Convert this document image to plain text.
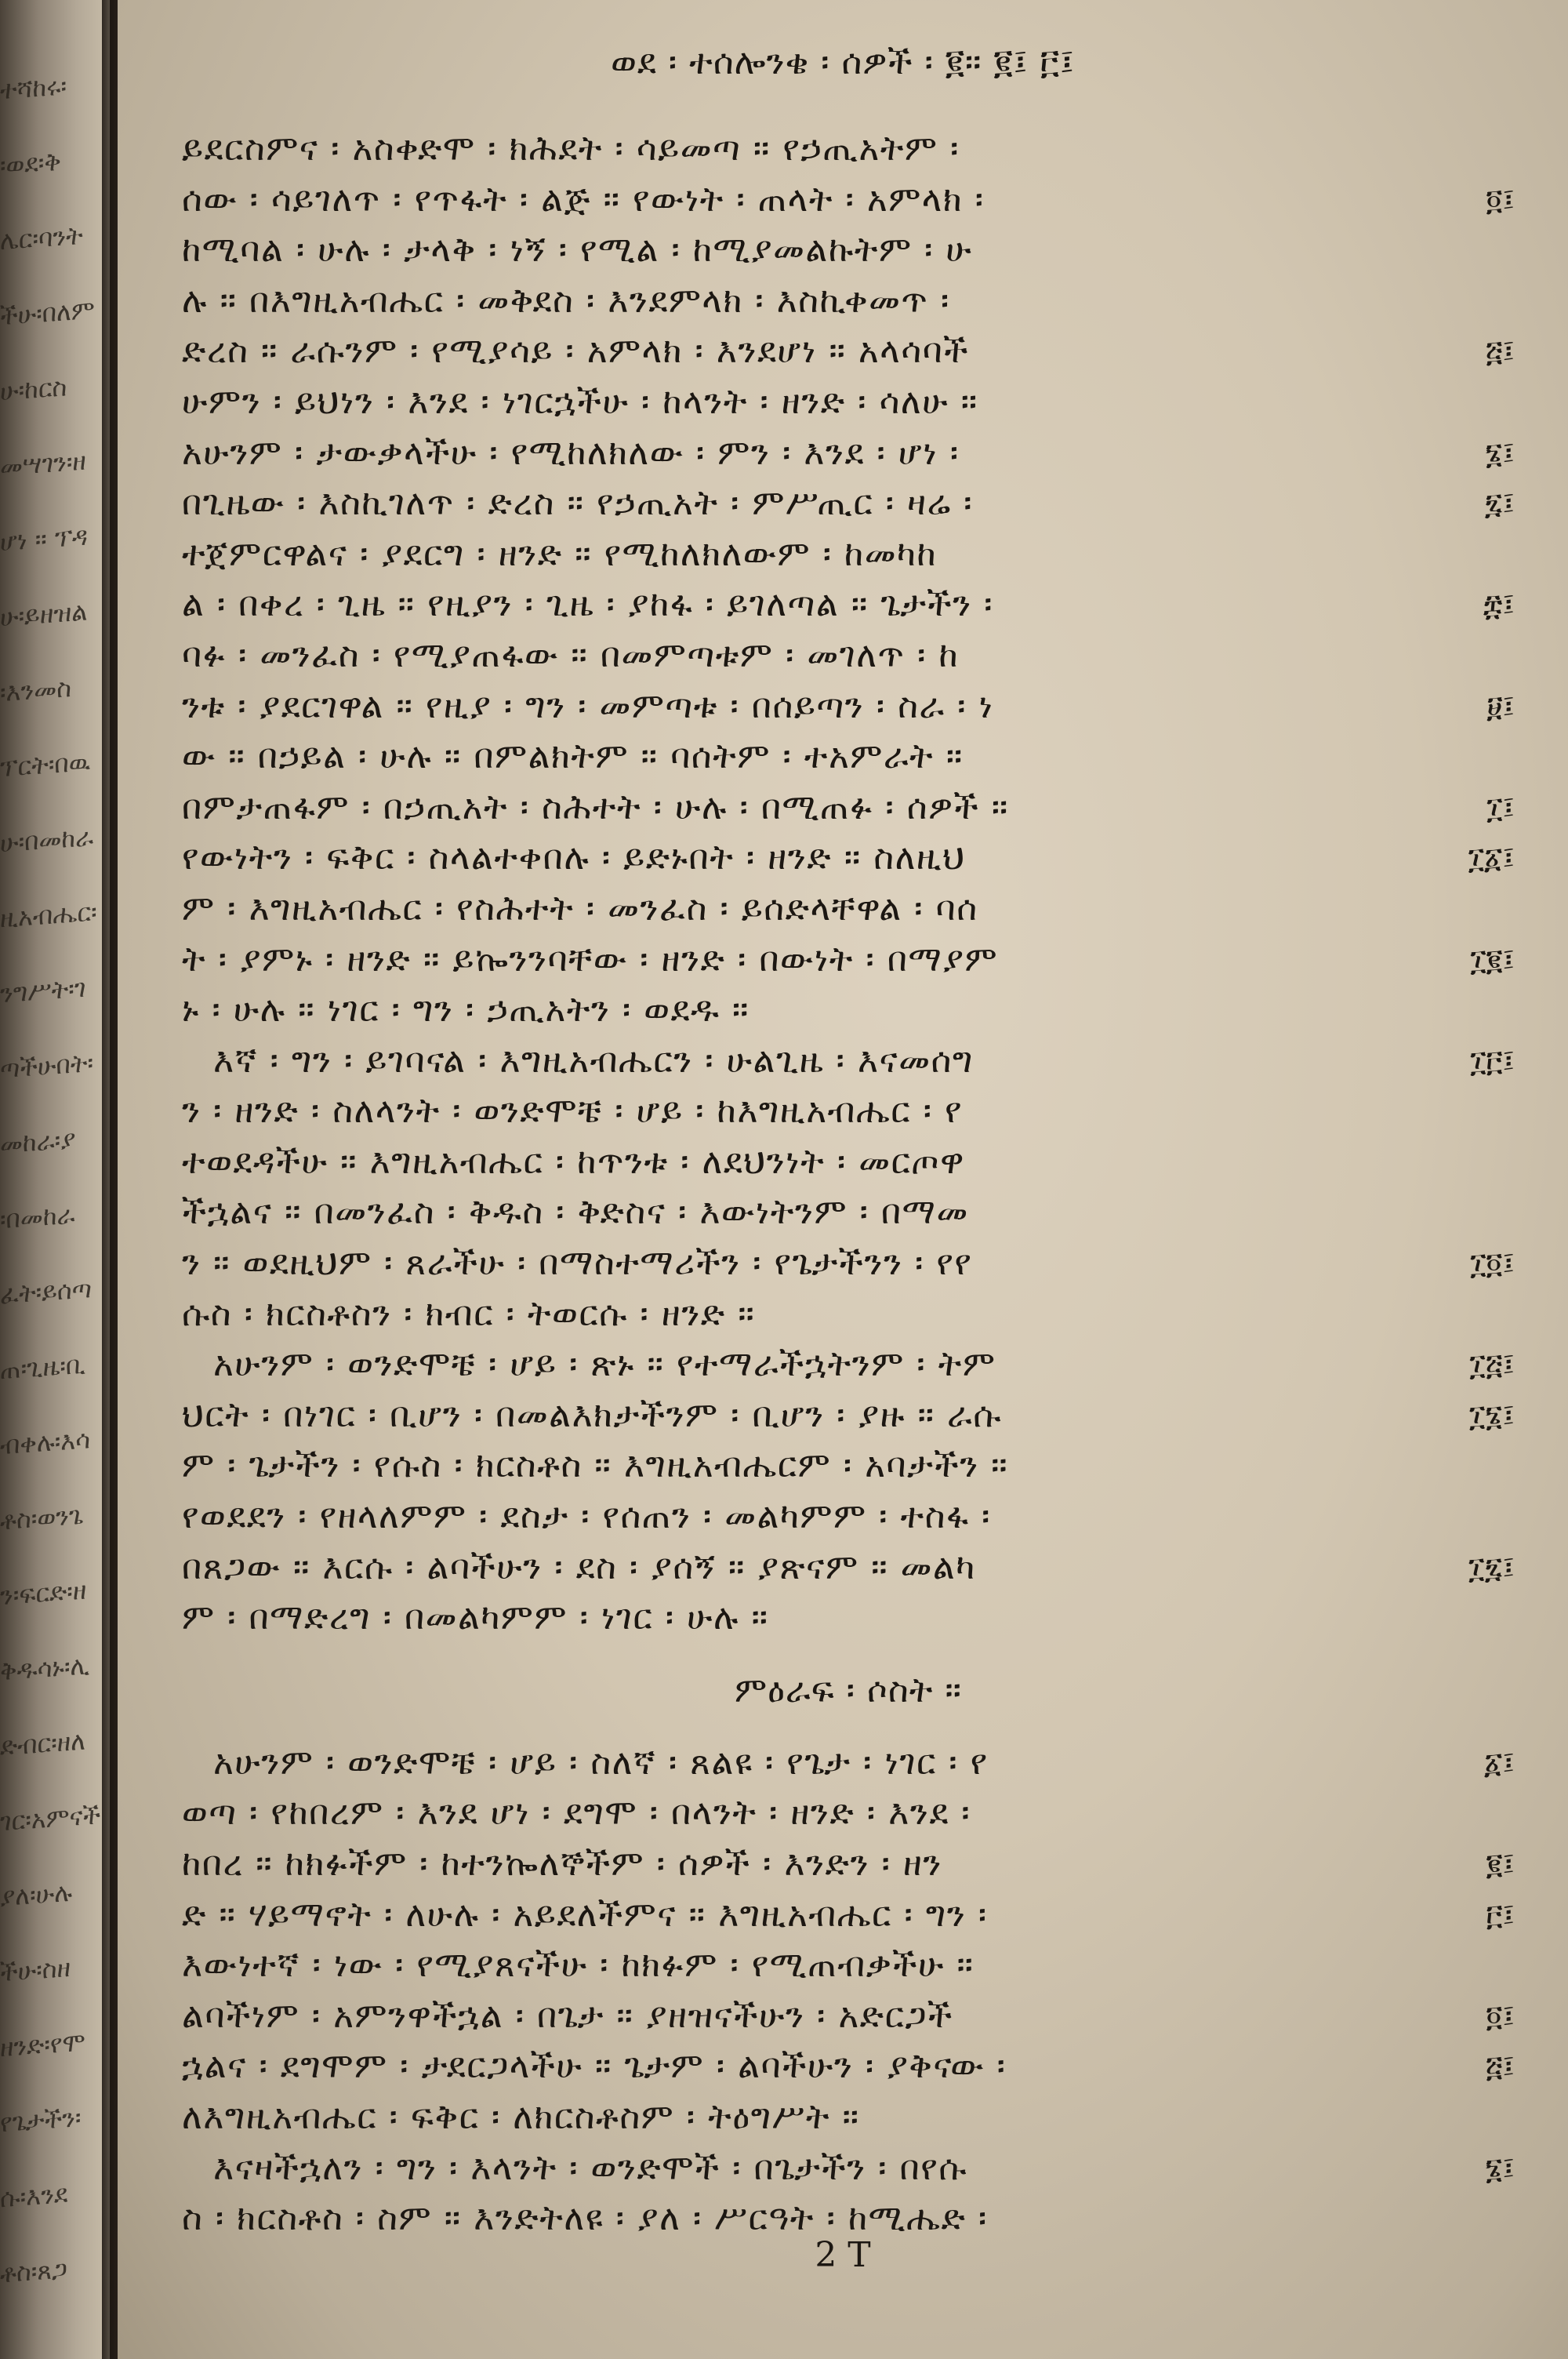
ተሻከሩ፡
፡ወደ፡ቅ
ሌር፡ባንት
ችሁ፡በለም
ሁ፡ከርስ
መሣገን፡ዘ
ሆነ ። ፕዳ
ሁ፡ይዘዝል
፡እንመስ
ፕርት፡በዉ
ሁ፡በመከራ
ዚአብሔር፡
ንግሥት፡ገ
ጣችሁበት፡
መከራ፡ያ
፡በመከራ
ፈት፡ይሰጣ
ጠ፡ጊዜ፡ቢ
ብቀሉ፡እሳ
ቶስ፡ወንጌ
ን፡ፍርድ፡ዘ
ቅዱሳኑ፡ሊ
ድብር፡ዘለ
ገር፡አምናች
ያለ፡ሁሉ
ችሁ፡ስዘ
ዘንድ፡የሞ
የጌታችን፡
ሱ፡እንደ
ቶስ፡ጸጋ
ወደ ፡ ተሰሎንቄ ፡ ሰዎች ፡ ፪። ፪፤ ፫፤
ይደርስምና ፡ አስቀድሞ ፡ ክሕደት ፡ ሳይመጣ ። የኃጢአትም ፡
ሰው ፡ ሳይገለጥ ፡ የጥፋት ፡ ልጅ ። የውነት ፡ ጠላት ፡ አምላክ ፡	፬፤
ከሚባል ፡ ሁሉ ፡ ታላቅ ፡ ነኝ ፡ የሚል ፡ ከሚያመልኩትም ፡ ሁ
ሉ ። በእግዚአብሔር ፡ መቅደስ ፡ እንደምላክ ፡ እስኪቀመጥ ፡
ድረስ ። ራሱንም ፡ የሚያሳይ ፡ አምላክ ፡ እንደሆነ ። አላሳባች	፭፤
ሁምን ፡ ይህነን ፡ እንደ ፡ ነገርኋችሁ ፡ ከላንት ፡ ዘንድ ፡ ሳለሁ ።
አሁንም ፡ ታውቃላችሁ ፡ የሚከለክለው ፡ ምን ፡ እንደ ፡ ሆነ ፡	፮፤
በጊዜው ፡ እስኪገለጥ ፡ ድረስ ። የኃጢአት ፡ ምሥጢር ፡ ዛሬ ፡	፯፤
ተጀምርዋልና ፡ ያደርግ ፡ ዘንድ ። የሚከለክለውም ፡ ከመካከ
ል ፡ በቀረ ፡ ጊዜ ። የዚያን ፡ ጊዜ ፡ ያከፋ ፡ ይገለጣል ። ጌታችን ፡	፰፤
ባፉ ፡ መንፈስ ፡ የሚያጠፋው ። በመምጣቱም ፡ መገለጥ ፡ ከ
ንቱ ፡ ያደርገዋል ። የዚያ ፡ ግን ፡ መምጣቱ ፡ በሰይጣን ፡ ስራ ፡ ነ	፱፤
ው ። በኃይል ፡ ሁሉ ። በምልክትም ። ባሰትም ፡ ተአምራት ።
በምታጠፋም ፡ በኃጢአት ፡ ስሕተት ፡ ሁሉ ፡ በሚጠፉ ፡ ሰዎች ።	፲፤
የውነትን ፡ ፍቅር ፡ ስላልተቀበሉ ፡ ይድኑበት ፡ ዘንድ ። ስለዚህ	፲፩፤
ም ፡ እግዚአብሔር ፡ የስሕተት ፡ መንፈስ ፡ ይሰድላቸዋል ፡ ባሰ
ት ፡ ያምኑ ፡ ዘንድ ። ይኰንንባቸው ፡ ዘንድ ፡ በውነት ፡ በማያም	፲፪፤
ኑ ፡ ሁሉ ። ነገር ፡ ግን ፡ ኃጢአትን ፡ ወደዱ ።
እኛ ፡ ግን ፡ ይገባናል ፡ እግዚአብሔርን ፡ ሁልጊዜ ፡ እናመሰግ	፲፫፤
ን ፡ ዘንድ ፡ ስለላንት ፡ ወንድሞቼ ፡ ሆይ ፡ ከእግዚአብሔር ፡ የ
ተወደዳችሁ ። እግዚአብሔር ፡ ከጥንቱ ፡ ለደህንነት ፡ መርጦዋ
ችኋልና ። በመንፈስ ፡ ቅዱስ ፡ ቅድስና ፡ እውነትንም ፡ በማመ
ን ። ወደዚህም ፡ ጸራችሁ ፡ በማስተማሪችን ፡ የጌታችንን ፡ የየ	፲፬፤
ሱስ ፡ ክርስቶስን ፡ ክብር ፡ ትወርሱ ፡ ዘንድ ።
አሁንም ፡ ወንድሞቼ ፡ ሆይ ፡ ጽኑ ። የተማራችኋትንም ፡ ትም	፲፭፤
ህርት ፡ በነገር ፡ ቢሆን ፡ በመልእክታችንም ፡ ቢሆን ፡ ያዙ ። ራሱ	፲፮፤
ም ፡ ጌታችን ፡ የሱስ ፡ ክርስቶስ ። እግዚአብሔርም ፡ አባታችን ።
የወደደን ፡ የዘላለምም ፡ ደስታ ፡ የሰጠን ፡ መልካምም ፡ ተስፋ ፡
በጸጋው ። እርሱ ፡ ልባችሁን ፡ ደስ ፡ ያሰኝ ። ያጽናም ። መልካ	፲፯፤
ም ፡ በማድረግ ፡ በመልካምም ፡ ነገር ፡ ሁሉ ።
ምዕራፍ ፡ ሶስት ።
አሁንም ፡ ወንድሞቼ ፡ ሆይ ፡ ስለኛ ፡ ጸልዩ ፡ የጌታ ፡ ነገር ፡ የ	፩፤
ወጣ ፡ የከበረም ፡ እንደ ሆነ ፡ ደግሞ ፡ በላንት ፡ ዘንድ ፡ እንደ ፡
ከበረ ። ከክፉችም ፡ ከተንኰለኞችም ፡ ሰዎች ፡ እንድን ፡ ዘን	፪፤
ድ ። ሃይማኖት ፡ ለሁሉ ፡ አይደለችምና ። እግዚአብሔር ፡ ግን ፡	፫፤
እውነተኛ ፡ ነው ፡ የሚያጸናችሁ ፡ ከክፉም ፡ የሚጠብቃችሁ ።
ልባችነም ፡ አምንዋችኋል ፡ በጌታ ። ያዘዝናችሁን ፡ አድርጋች	፬፤
ኋልና ፡ ደግሞም ፡ ታደርጋላችሁ ። ጌታም ፡ ልባችሁን ፡ ያቅናው ፡	፭፤
ለእግዚአብሔር ፡ ፍቅር ፡ ለክርስቶስም ፡ ትዕግሥት ።
እናዛችኋለን ፡ ግን ፡ እላንት ፡ ወንድሞች ፡ በጌታችን ፡ በየሱ	፮፤
ስ ፡ ክርስቶስ ፡ ስም ። እንድትለዩ ፡ ያለ ፡ ሥርዓት ፡ ከሚሔድ ፡
2 T
